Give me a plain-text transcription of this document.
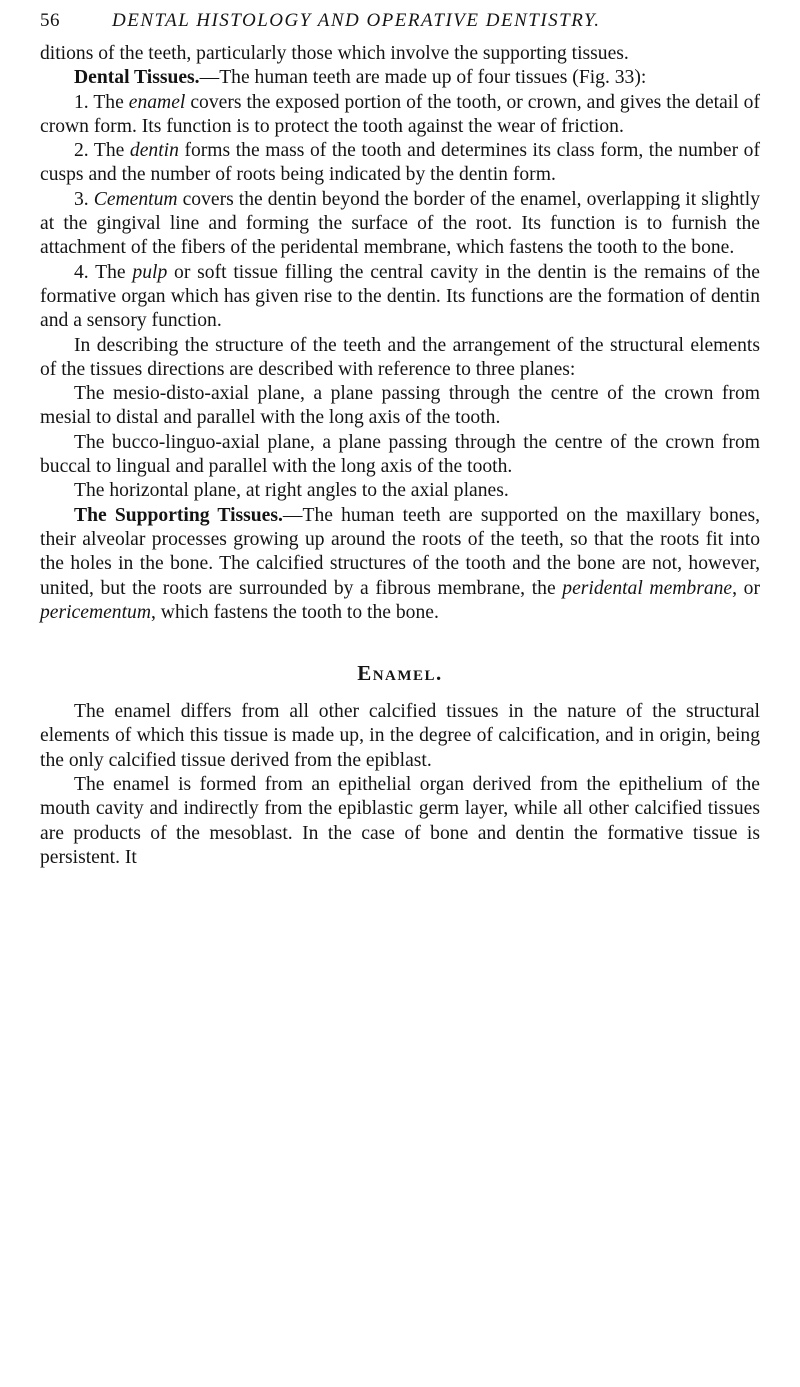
56	DENTAL HISTOLOGY AND OPERATIVE DENTISTRY.

ditions of the teeth, particularly those which involve the supporting tissues.

Dental Tissues.—The human teeth are made up of four tissues (Fig. 33):

1. The enamel covers the exposed portion of the tooth, or crown, and gives the detail of crown form. Its function is to protect the tooth against the wear of friction.

2. The dentin forms the mass of the tooth and determines its class form, the number of cusps and the number of roots being indicated by the dentin form.

3. Cementum covers the dentin beyond the border of the enamel, overlapping it slightly at the gingival line and forming the surface of the root. Its function is to furnish the attachment of the fibers of the peridental membrane, which fastens the tooth to the bone.

4. The pulp or soft tissue filling the central cavity in the dentin is the remains of the formative organ which has given rise to the dentin. Its functions are the formation of dentin and a sensory function.

In describing the structure of the teeth and the arrangement of the structural elements of the tissues directions are described with reference to three planes:

The mesio-disto-axial plane, a plane passing through the centre of the crown from mesial to distal and parallel with the long axis of the tooth.

The bucco-linguo-axial plane, a plane passing through the centre of the crown from buccal to lingual and parallel with the long axis of the tooth.

The horizontal plane, at right angles to the axial planes.

The Supporting Tissues.—The human teeth are supported on the maxillary bones, their alveolar processes growing up around the roots of the teeth, so that the roots fit into the holes in the bone. The calcified structures of the tooth and the bone are not, however, united, but the roots are surrounded by a fibrous membrane, the peridental membrane, or pericementum, which fastens the tooth to the bone.

Enamel.

The enamel differs from all other calcified tissues in the nature of the structural elements of which this tissue is made up, in the degree of calcification, and in origin, being the only calcified tissue derived from the epiblast.

The enamel is formed from an epithelial organ derived from the epithelium of the mouth cavity and indirectly from the epiblastic germ layer, while all other calcified tissues are products of the mesoblast. In the case of bone and dentin the formative tissue is persistent. It
